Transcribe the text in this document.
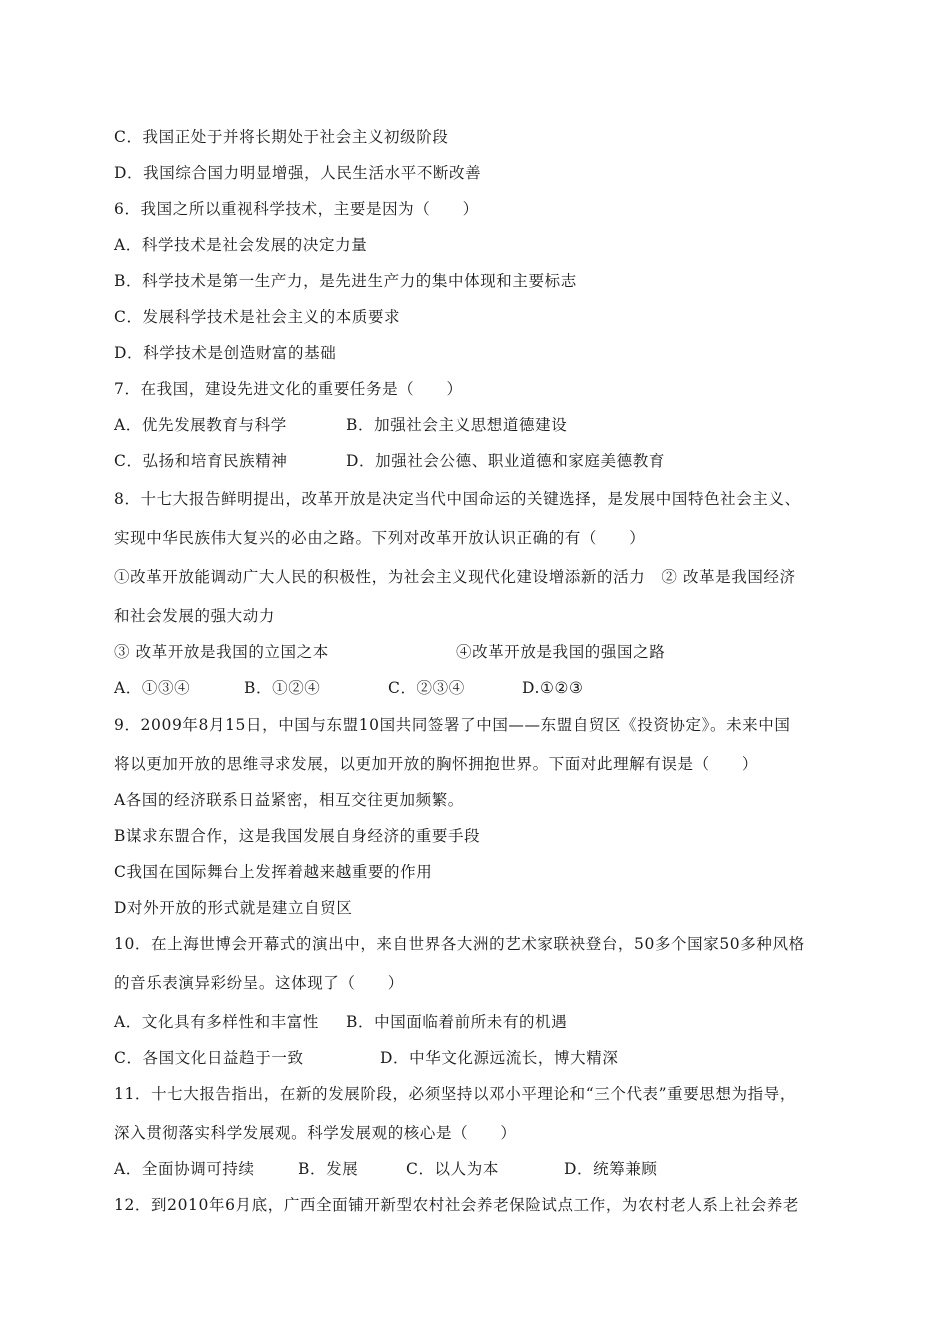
C．我国正处于并将长期处于社会主义初级阶段
D．我国综合国力明显增强，人民生活水平不断改善
6．我国之所以重视科学技术，主要是因为（　　）
A．科学技术是社会发展的决定力量
B．科学技术是第一生产力，是先进生产力的集中体现和主要标志
C．发展科学技术是社会主义的本质要求
D．科学技术是创造财富的基础
7．在我国，建设先进文化的重要任务是（　　）
A．优先发展教育与科学	B．加强社会主义思想道德建设
C．弘扬和培育民族精神	D．加强社会公德、职业道德和家庭美德教育
8．十七大报告鲜明提出，改革开放是决定当代中国命运的关键选择，是发展中国特色社会主义、
实现中华民族伟大复兴的必由之路。下列对改革开放认识正确的有（　　）
①改革开放能调动广大人民的积极性，为社会主义现代化建设增添新的活力　② 改革是我国经济
和社会发展的强大动力
③ 改革开放是我国的立国之本	④改革开放是我国的强国之路
A．①③④	B．①②④	C．②③④	D.①②③
9．2009年8月15日，中国与东盟10国共同签署了中国——东盟自贸区《投资协定》。未来中国
将以更加开放的思维寻求发展，以更加开放的胸怀拥抱世界。下面对此理解有误是（　　）
A各国的经济联系日益紧密，相互交往更加频繁。
B谋求东盟合作，这是我国发展自身经济的重要手段
C我国在国际舞台上发挥着越来越重要的作用
D对外开放的形式就是建立自贸区
10．在上海世博会开幕式的演出中，来自世界各大洲的艺术家联袂登台，50多个国家50多种风格
的音乐表演异彩纷呈。这体现了（　　）
A．文化具有多样性和丰富性 B．中国面临着前所未有的机遇
C．各国文化日益趋于一致	D．中华文化源远流长，博大精深
11．十七大报告指出，在新的发展阶段，必须坚持以邓小平理论和“三个代表”重要思想为指导，
深入贯彻落实科学发展观。科学发展观的核心是（　　）
A．全面协调可持续	B．发展	C．以人为本	D．统筹兼顾
12．到2010年6月底，广西全面铺开新型农村社会养老保险试点工作，为农村老人系上社会养老
